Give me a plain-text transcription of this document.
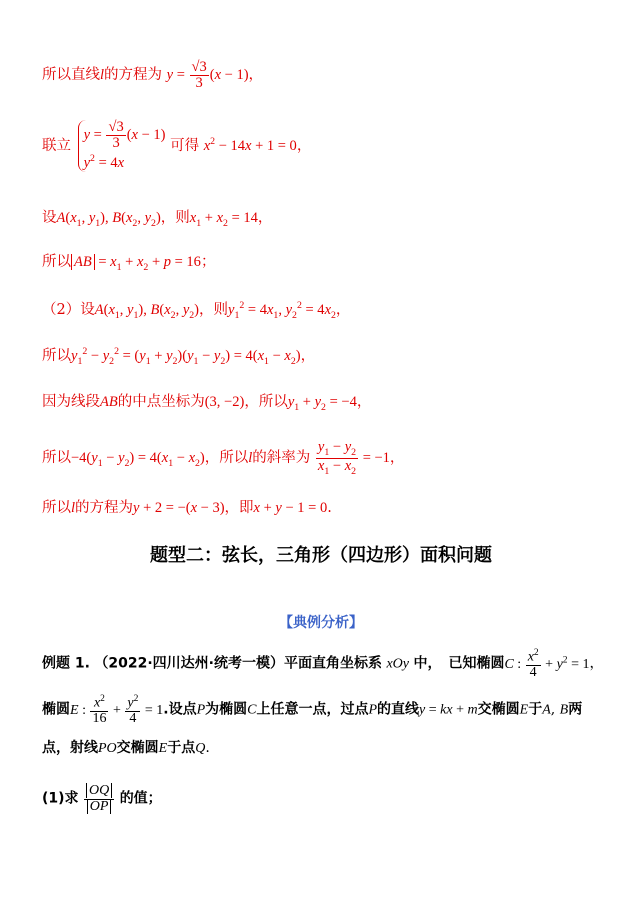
所以直线l的方程为 $y = \frac{√3}{3} (x - 1)$，
联立
$y = \frac{√3}{3} (x - 1)$
$y^2 = 4x$
可得 $x^2 - 14x + 1 = 0$，
设$A(x_1$, $y_1$), $B(x_2$, $y_2$)，则$x_1 + x_2 = 14$，
所以 AB = $x_1 + x_2 + p = 16$；
（2）设$A(x_1$, $y_1$), $B(x_2$, $y_2$)，则$y_1^2 = 4x_1$, $y_2^2 = 4x_2$，
所以$y_1^2 - y_2^2 = (y_1 + y_2)(y_1 - y_2) = 4(x_1 - x_2)$，
因为线段AB的中点坐标为(3, −2)，所以$y_1 + y_2 = -4$，
所以$-4(y_1 - y_2) = 4(x_1 - x_2)$，所以l的斜率为 $\frac{y_1 - y_2}{x_1 - x_2} = -1$，
所以l的方程为y + 2 = −(x − 3)，即x + y − 1 = 0.
题型二：弦长，三角形（四边形）面积问题
【典例分析】
例题 1. （2022·四川达州·统考一模）平面直角坐标系 xOy 中，　已知椭圆C : $\frac{x^2}{4} + y^2 = 1$，
椭圆E : $\frac{x^2}{16} + \frac{y^2}{4} = 1$.设点P为椭圆C上任意一点，过点P的直线y = kx + m交椭圆E于A, B两
点，射线PO交椭圆E于点Q.
(1)求 $\frac{OQ}{OP}$ 的值；
